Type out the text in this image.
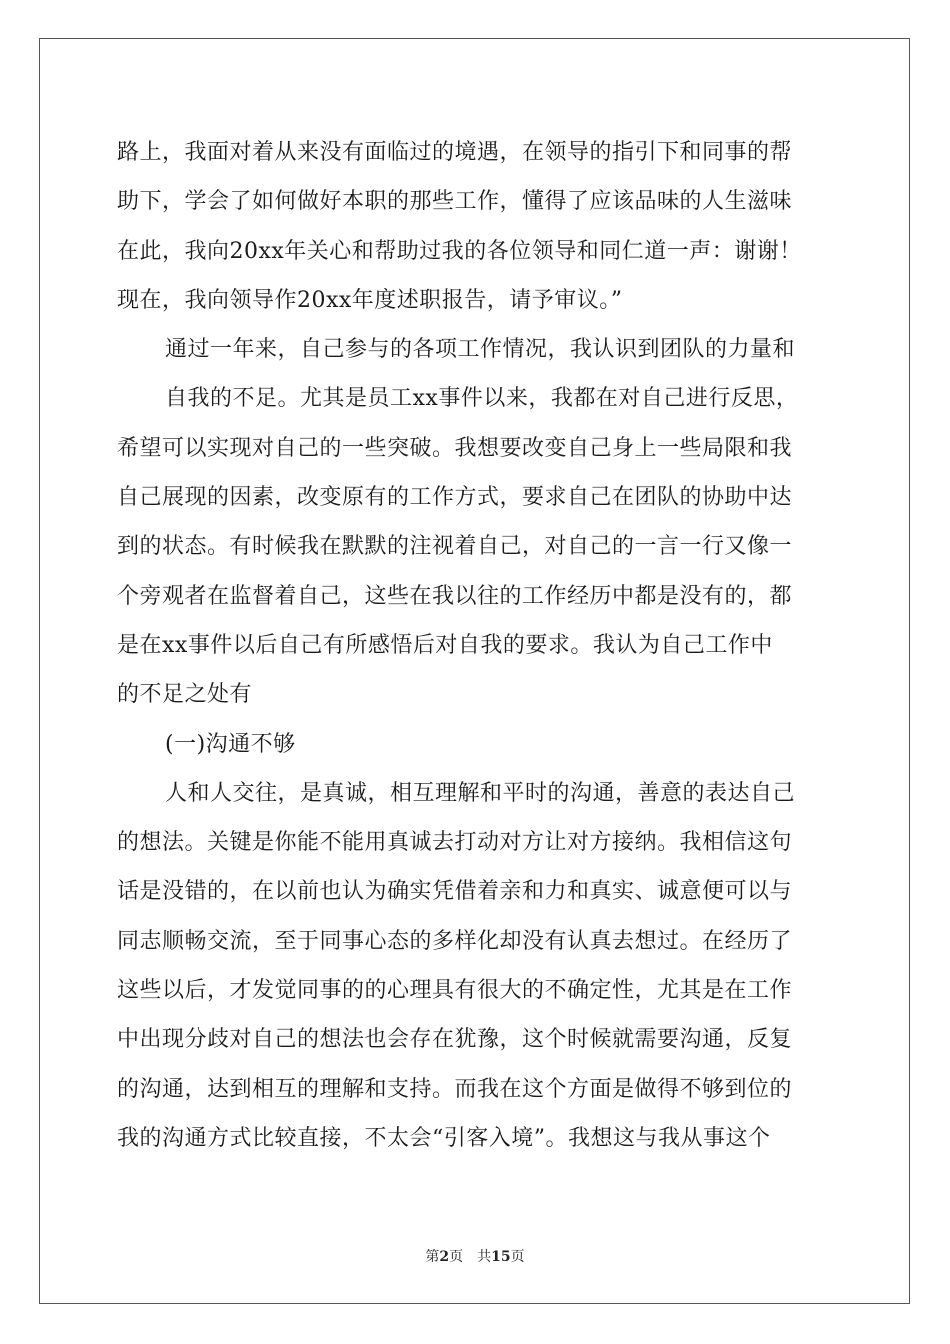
路上，我面对着从来没有面临过的境遇，在领导的指引下和同事的帮
助下，学会了如何做好本职的那些工作，懂得了应该品味的人生滋味
在此，我向20xx年关心和帮助过我的各位领导和同仁道一声：谢谢！
现在，我向领导作20xx年度述职报告，请予审议。”
通过一年来，自己参与的各项工作情况，我认识到团队的力量和
自我的不足。尤其是员工xx事件以来，我都在对自己进行反思，
希望可以实现对自己的一些突破。我想要改变自己身上一些局限和我
自己展现的因素，改变原有的工作方式，要求自己在团队的协助中达
到的状态。有时候我在默默的注视着自己，对自己的一言一行又像一
个旁观者在监督着自己，这些在我以往的工作经历中都是没有的，都
是在xx事件以后自己有所感悟后对自我的要求。我认为自己工作中
的不足之处有
(一)沟通不够
人和人交往，是真诚，相互理解和平时的沟通，善意的表达自己
的想法。关键是你能不能用真诚去打动对方让对方接纳。我相信这句
话是没错的，在以前也认为确实凭借着亲和力和真实、诚意便可以与
同志顺畅交流，至于同事心态的多样化却没有认真去想过。在经历了
这些以后，才发觉同事的的心理具有很大的不确定性，尤其是在工作
中出现分歧对自己的想法也会存在犹豫，这个时候就需要沟通，反复
的沟通，达到相互的理解和支持。而我在这个方面是做得不够到位的
我的沟通方式比较直接，不太会“引客入境”。我想这与我从事这个
第2页 共15页
